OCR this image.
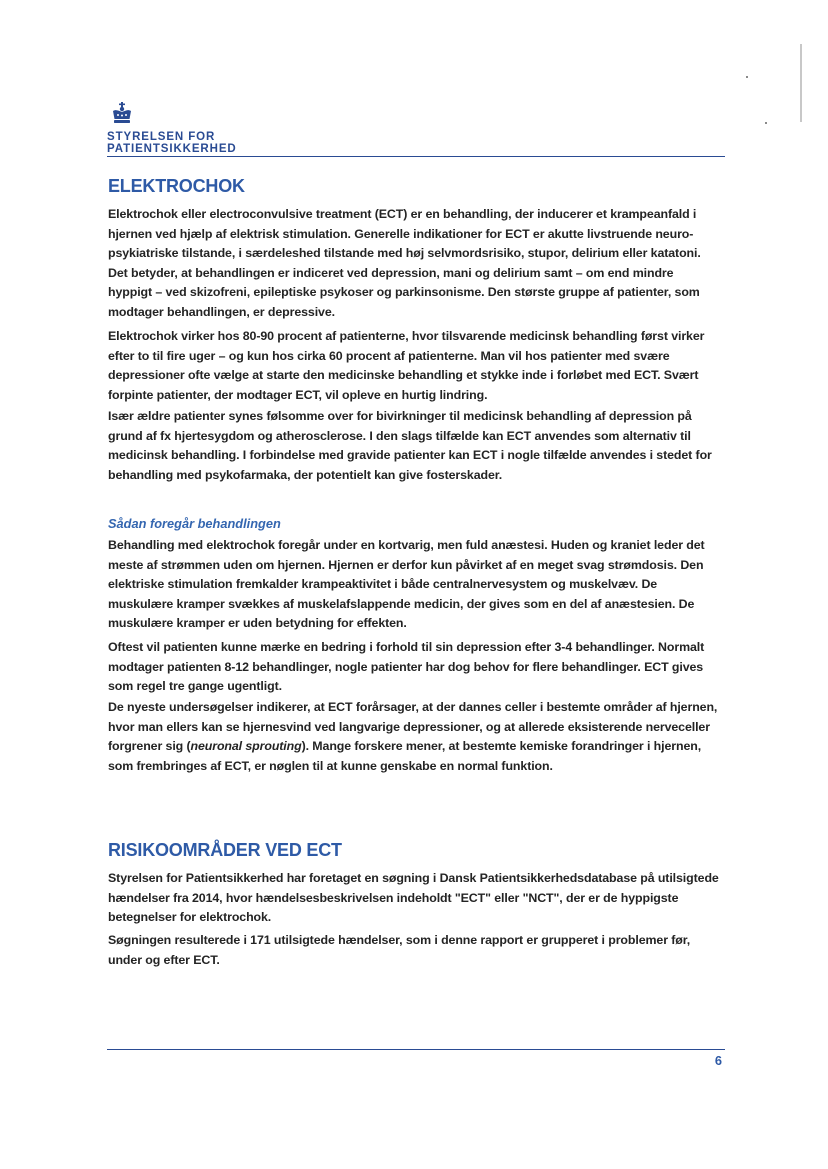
STYRELSEN FOR
PATIENTSIKKERHED
ELEKTROCHOK

Elektrochok eller electroconvulsive treatment (ECT) er en behandling, der inducerer et krampeanfald i hjernen ved hjælp af elektrisk stimulation. Generelle indikationer for ECT er akutte livstruende neuro-psykiatriske tilstande, i særdeleshed tilstande med høj selvmordsrisiko, stupor, delirium eller katatoni. Det betyder, at behandlingen er indiceret ved depression, mani og delirium samt – om end mindre hyppigt – ved skizofreni, epileptiske psykoser og parkinsonisme. Den største gruppe af patienter, som modtager behandlingen, er depressive.

Elektrochok virker hos 80-90 procent af patienterne, hvor tilsvarende medicinsk behandling først virker efter to til fire uger – og kun hos cirka 60 procent af patienterne. Man vil hos patienter med svære depressioner ofte vælge at starte den medicinske behandling et stykke inde i forløbet med ECT. Svært forpinte patienter, der modtager ECT, vil opleve en hurtig lindring.

Især ældre patienter synes følsomme over for bivirkninger til medicinsk behandling af depression på grund af fx hjertesygdom og atherosclerose. I den slags tilfælde kan ECT anvendes som alternativ til medicinsk behandling. I forbindelse med gravide patienter kan ECT i nogle tilfælde anvendes i stedet for behandling med psykofarmaka, der potentielt kan give fosterskader.

Sådan foregår behandlingen

Behandling med elektrochok foregår under en kortvarig, men fuld anæstesi. Huden og kraniet leder det meste af strømmen uden om hjernen. Hjernen er derfor kun påvirket af en meget svag strømdosis. Den elektriske stimulation fremkalder krampeaktivitet i både centralnervesystem og muskelvæv. De muskulære kramper svækkes af muskelafslappende medicin, der gives som en del af anæstesien. De muskulære kramper er uden betydning for effekten.

Oftest vil patienten kunne mærke en bedring i forhold til sin depression efter 3-4 behandlinger. Normalt modtager patienten 8-12 behandlinger, nogle patienter har dog behov for flere behandlinger. ECT gives som regel tre gange ugentligt.

De nyeste undersøgelser indikerer, at ECT forårsager, at der dannes celler i bestemte områder af hjernen, hvor man ellers kan se hjernesvind ved langvarige depressioner, og at allerede eksisterende nerveceller forgrener sig (neuronal sprouting). Mange forskere mener, at bestemte kemiske forandringer i hjernen, som frembringes af ECT, er nøglen til at kunne genskabe en normal funktion.

RISIKOOMRÅDER VED ECT

Styrelsen for Patientsikkerhed har foretaget en søgning i Dansk Patientsikkerhedsdatabase på utilsigtede hændelser fra 2014, hvor hændelsesbeskrivelsen indeholdt "ECT" eller "NCT", der er de hyppigste betegnelser for elektrochok.

Søgningen resulterede i 171 utilsigtede hændelser, som i denne rapport er grupperet i problemer før, under og efter ECT.

6
